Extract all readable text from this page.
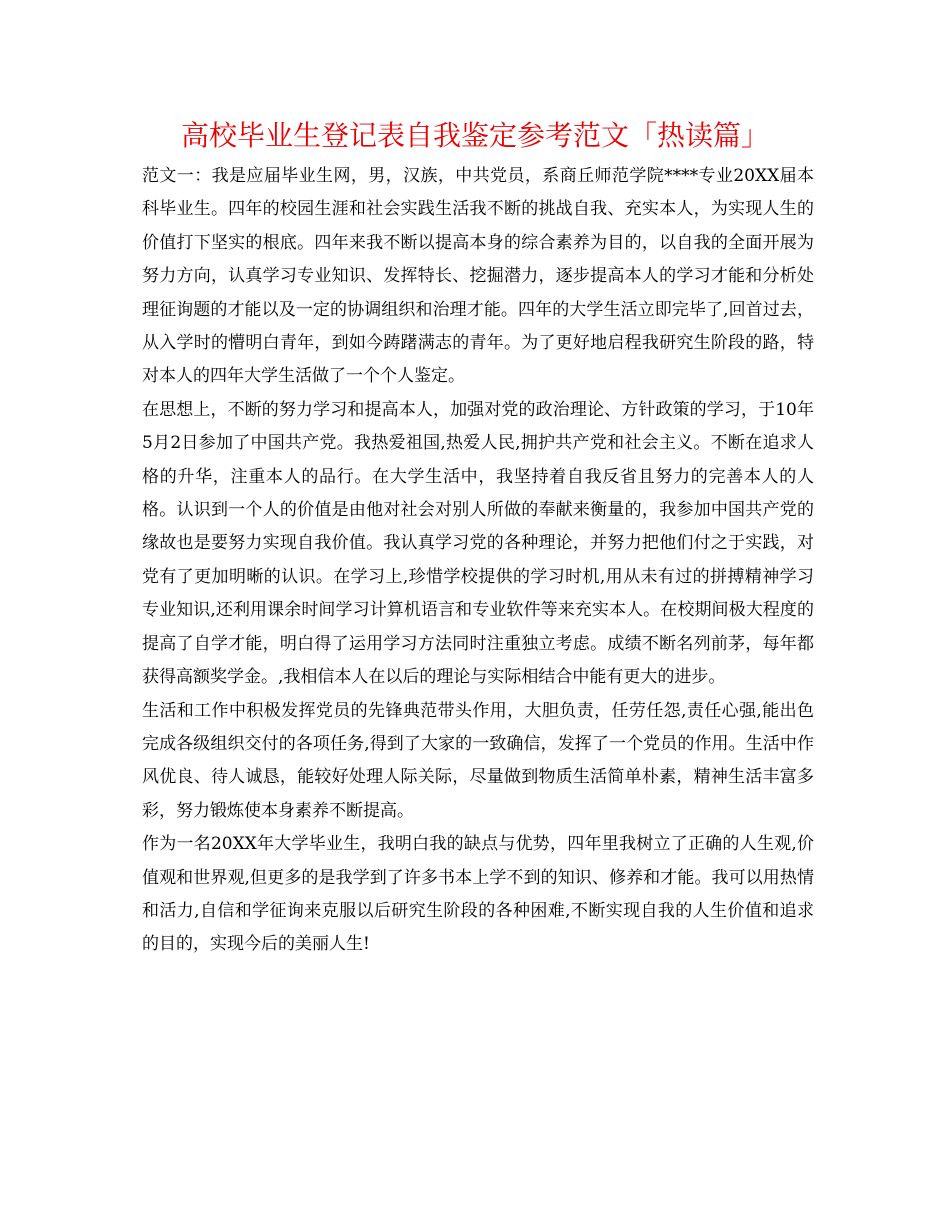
高校毕业生登记表自我鉴定参考范文「热读篇」

范文一：我是应届毕业生网，男，汉族，中共党员，系商丘师范学院****专业20XX届本科毕业生。四年的校园生涯和社会实践生活我不断的挑战自我、充实本人，为实现人生的价值打下坚实的根底。四年来我不断以提高本身的综合素养为目的，以自我的全面开展为努力方向，认真学习专业知识、发挥特长、挖掘潜力，逐步提高本人的学习才能和分析处理征询题的才能以及一定的协调组织和治理才能。四年的大学生活立即完毕了,回首过去，从入学时的懵明白青年，到如今踌躇满志的青年。为了更好地启程我研究生阶段的路，特对本人的四年大学生活做了一个个人鉴定。

在思想上，不断的努力学习和提高本人，加强对党的政治理论、方针政策的学习，于10年5月2日参加了中国共产党。我热爱祖国,热爱人民,拥护共产党和社会主义。不断在追求人格的升华，注重本人的品行。在大学生活中，我坚持着自我反省且努力的完善本人的人格。认识到一个人的价值是由他对社会对别人所做的奉献来衡量的，我参加中国共产党的缘故也是要努力实现自我价值。我认真学习党的各种理论，并努力把他们付之于实践，对党有了更加明晰的认识。在学习上,珍惜学校提供的学习时机,用从未有过的拼搏精神学习专业知识,还利用课余时间学习计算机语言和专业软件等来充实本人。在校期间极大程度的提高了自学才能，明白得了运用学习方法同时注重独立考虑。成绩不断名列前茅，每年都获得高额奖学金。,我相信本人在以后的理论与实际相结合中能有更大的进步。

生活和工作中积极发挥党员的先锋典范带头作用，大胆负责，任劳任怨,责任心强,能出色完成各级组织交付的各项任务,得到了大家的一致确信，发挥了一个党员的作用。生活中作风优良、待人诚恳，能较好处理人际关际，尽量做到物质生活简单朴素，精神生活丰富多彩，努力锻炼使本身素养不断提高。

作为一名20XX年大学毕业生，我明白我的缺点与优势，四年里我树立了正确的人生观,价值观和世界观,但更多的是我学到了许多书本上学不到的知识、修养和才能。我可以用热情和活力,自信和学征询来克服以后研究生阶段的各种困难,不断实现自我的人生价值和追求的目的，实现今后的美丽人生!
